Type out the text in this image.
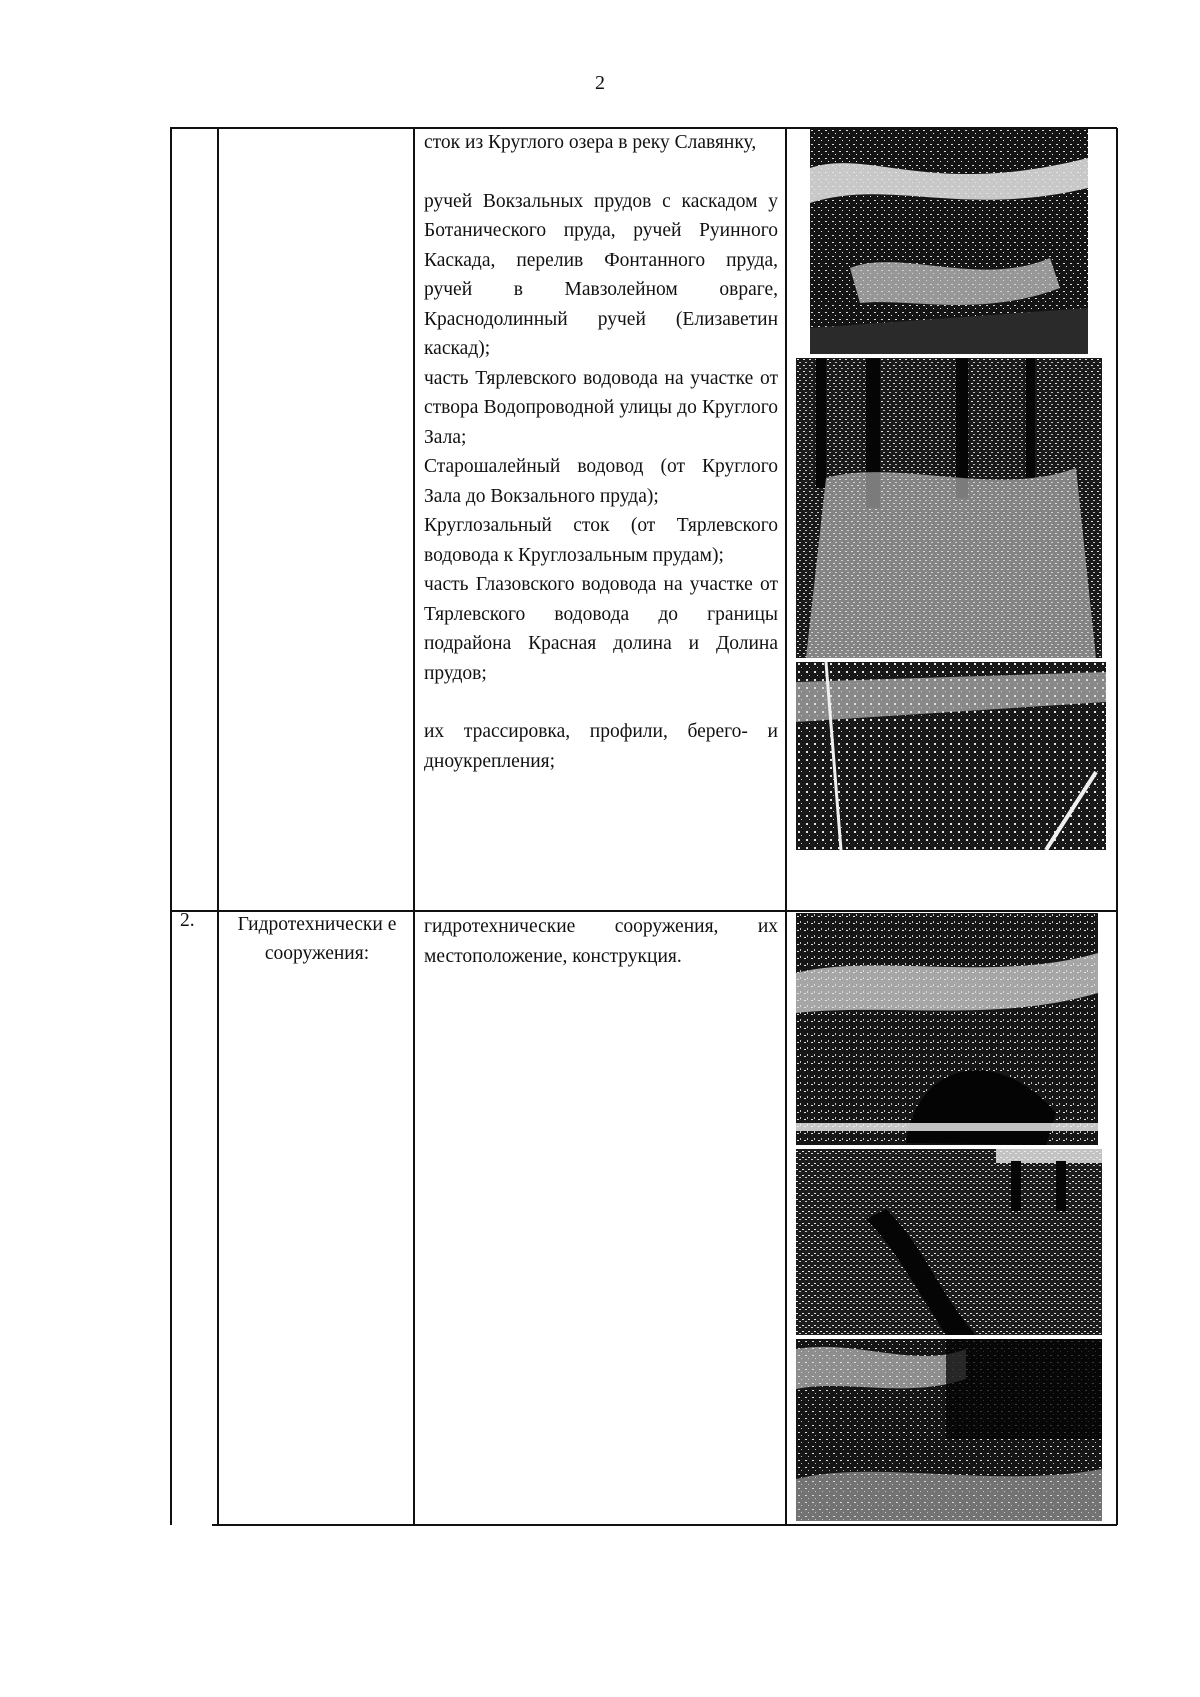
2

сток из Круглого озера в реку Славянку,

ручей Вокзальных прудов с каскадом у Ботанического пруда, ручей Руинного Каскада, перелив Фонтанного пруда, ручей в Мавзолейном овраге, Краснодолинный ручей (Елизаветин каскад);

часть Тярлевского водовода на участке от створа Водопроводной улицы до Круглого Зала;

Старошалейный водовод (от Круглого Зала до Вокзального пруда);

Круглозальный сток (от Тярлевского водовода к Круглозальным прудам);

часть Глазовского водовода на участке от Тярлевского водовода до границы подрайона Красная долина и Долина прудов;

их трассировка, профили, берего- и дноукрепления;

2.	Гидротехнически е сооружения:
гидротехнические сооружения, их местоположение, конструкция.
